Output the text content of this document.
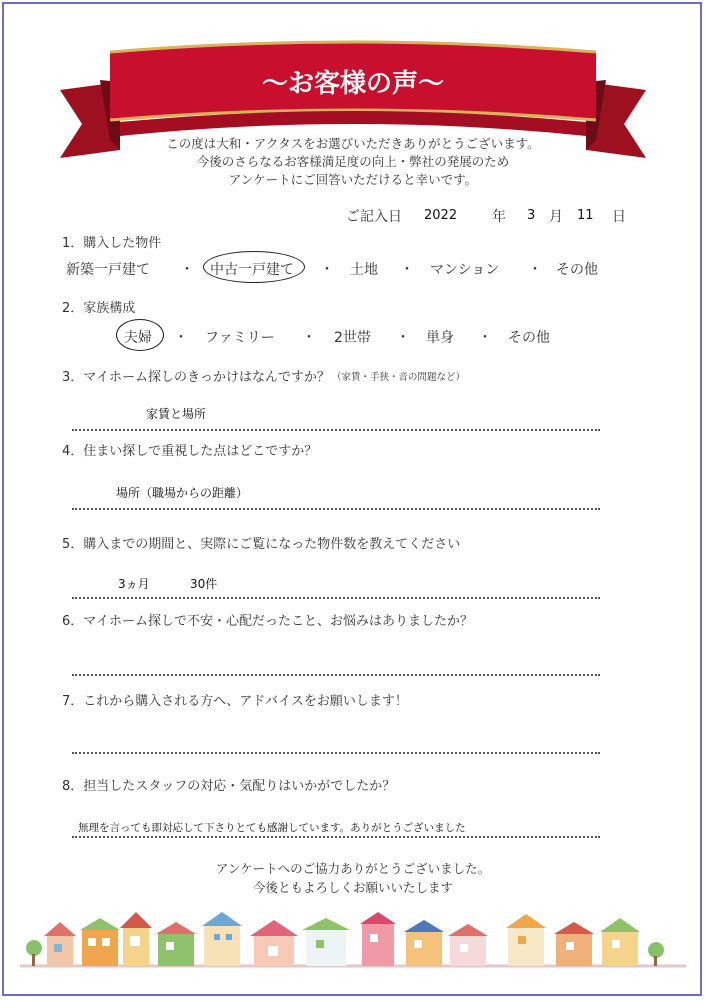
～お客様の声～
この度は大和・アクタスをお選びいただきありがとうございます。
今後のさらなるお客様満足度の向上・弊社の発展のため
アンケートにご回答いただけると幸いです。
ご記入日 2022 年 3 月 11 日
1．購入した物件
新築一戸建て ・ 中古一戸建て ・ 土地 ・ マンション ・ その他
2．家族構成
夫婦 ・ ファミリー ・ 2世帯 ・ 単身 ・ その他
3．マイホーム探しのきっかけはなんですか？ （家賃・手狭・音の問題など）
家賃と場所
4．住まい探しで重視した点はどこですか？
場所（職場からの距離）
5．購入までの期間と、実際にご覧になった物件数を教えてください
3ヵ月	30件
6．マイホーム探しで不安・心配だったこと、お悩みはありましたか？
7．これから購入される方へ、アドバイスをお願いします！
8．担当したスタッフの対応・気配りはいかがでしたか？
無理を言っても即対応して下さりとても感謝しています。ありがとうございました
アンケートへのご協力ありがとうございました。
今後ともよろしくお願いいたします
